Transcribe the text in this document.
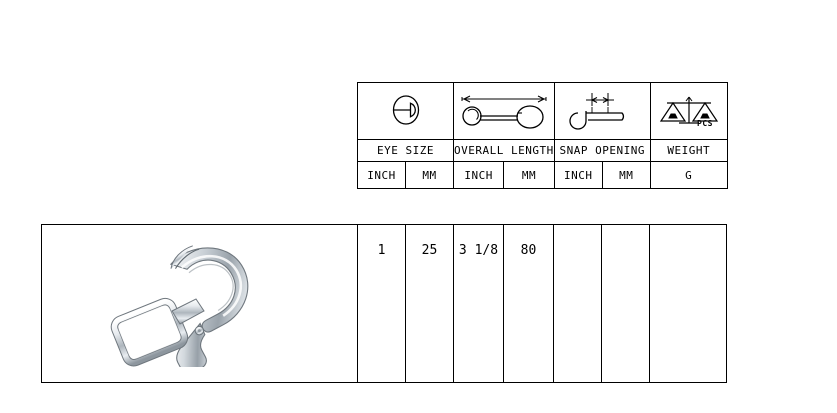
PCS

EYE SIZE		OVERALL LENGTH		SNAP OPENING		WEIGHT
INCH	MM	INCH	MM	INCH	MM	G

1	25	3 1/8	80
